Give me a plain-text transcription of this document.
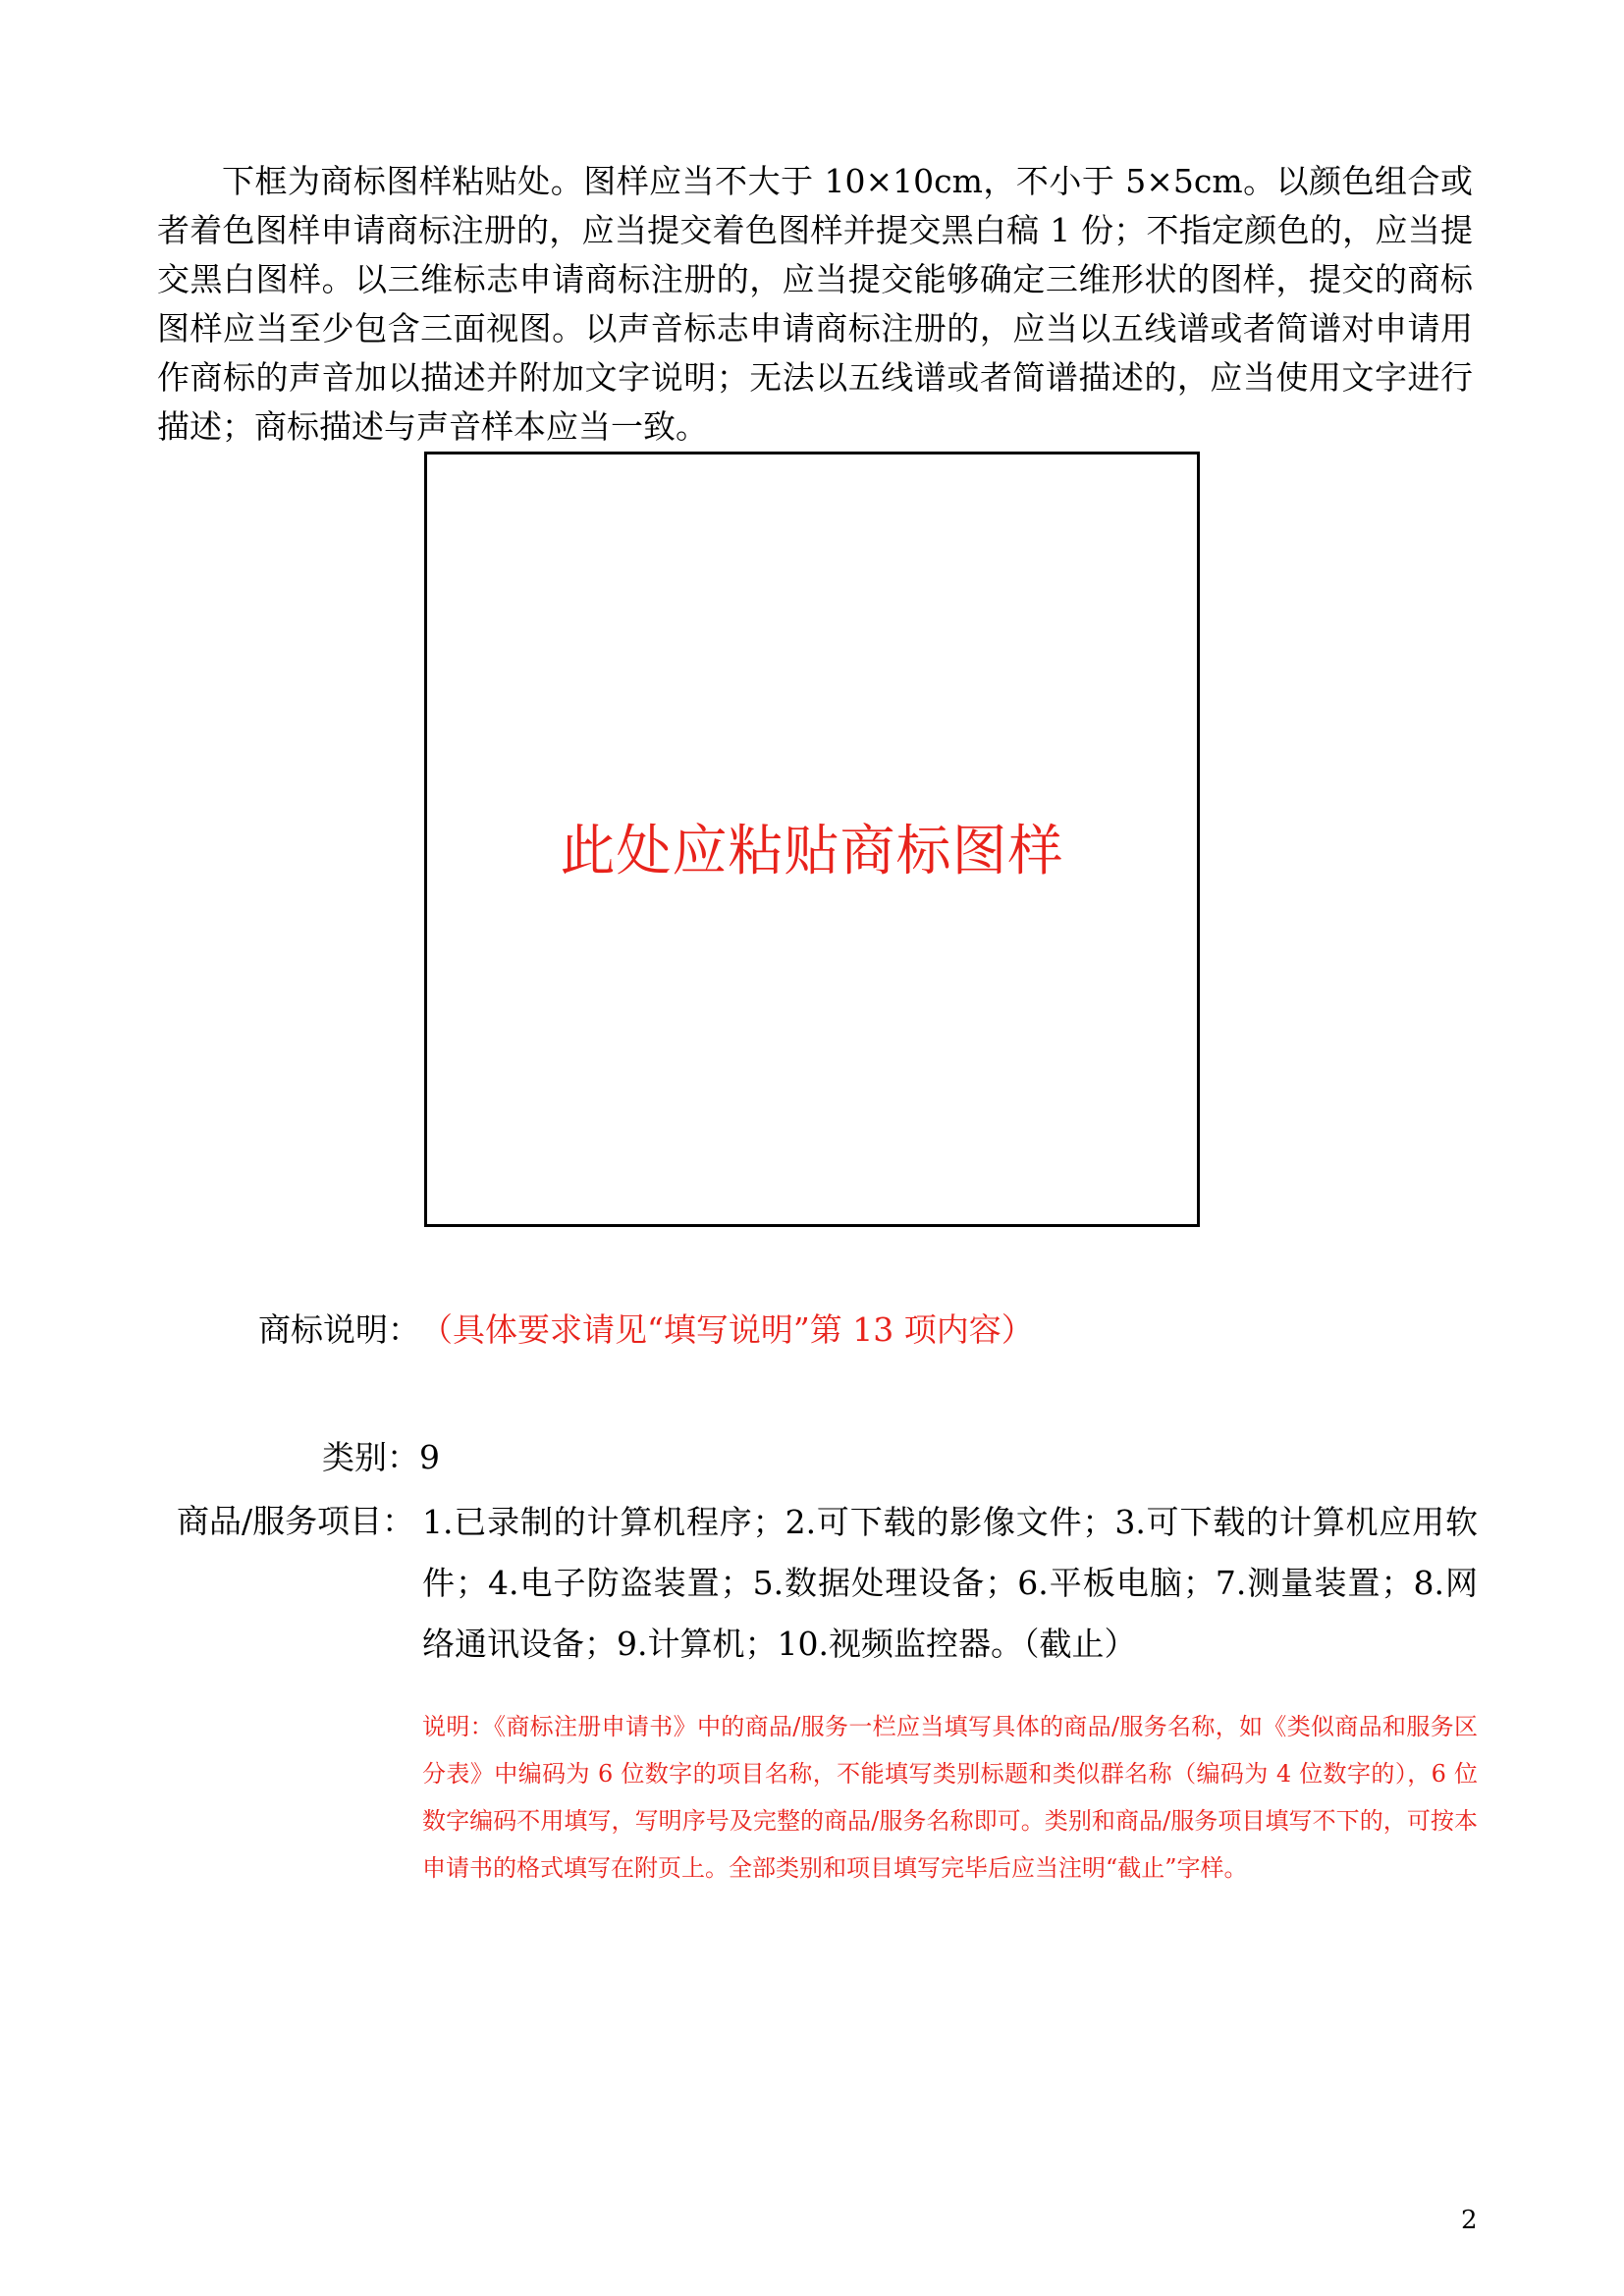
下框为商标图样粘贴处。图样应当不大于 10×10cm，不小于 5×5cm。以颜色组合或者着色图样申请商标注册的，应当提交着色图样并提交黑白稿 1 份；不指定颜色的，应当提交黑白图样。以三维标志申请商标注册的，应当提交能够确定三维形状的图样，提交的商标图样应当至少包含三面视图。以声音标志申请商标注册的，应当以五线谱或者简谱对申请用作商标的声音加以描述并附加文字说明；无法以五线谱或者简谱描述的，应当使用文字进行描述；商标描述与声音样本应当一致。

此处应粘贴商标图样
商标说明：（具体要求请见“填写说明”第 13 项内容）
类别：9
商品/服务项目： 1.已录制的计算机程序；2.可下载的影像文件；3.可下载的计算机应用软件；4.电子防盗装置；5.数据处理设备；6.平板电脑；7.测量装置；8.网络通讯设备；9.计算机；10.视频监控器。（截止）

说明：《商标注册申请书》中的商品/服务一栏应当填写具体的商品/服务名称，如《类似商品和服务区分表》中编码为 6 位数字的项目名称，不能填写类别标题和类似群名称（编码为 4 位数字的），6 位数字编码不用填写，写明序号及完整的商品/服务名称即可。类别和商品/服务项目填写不下的，可按本申请书的格式填写在附页上。全部类别和项目填写完毕后应当注明“截止”字样。

2
